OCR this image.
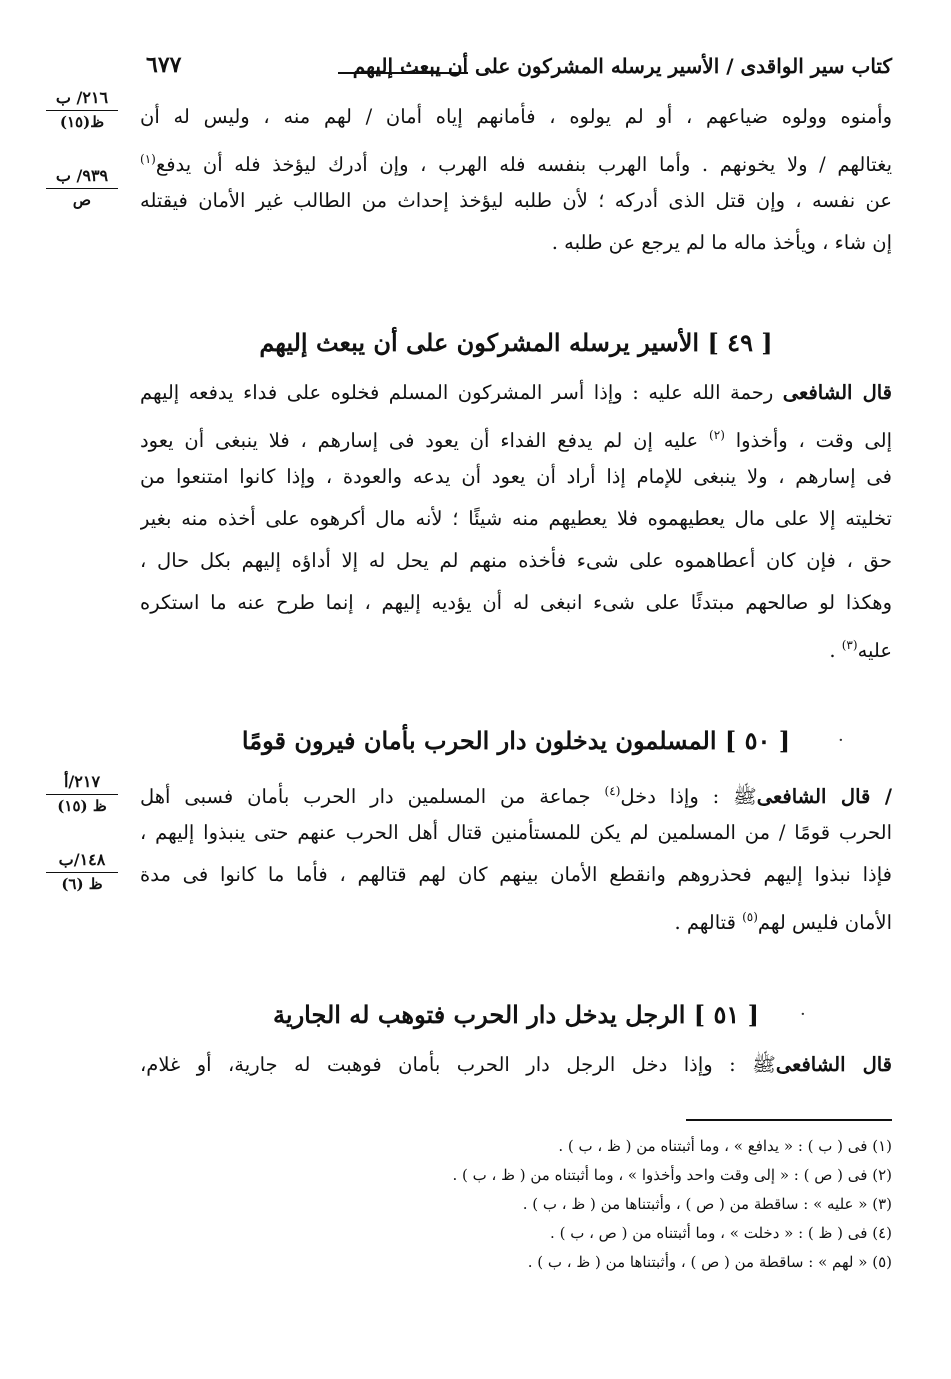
٦٧٧	كتاب سير الواقدى / الأسير يرسله المشركون على أن يبعث إليهم
٢١٦/ ب
ظ(١٥)
٩٣٩/ ب
ص
٢١٧/أ
ظ (١٥)
١٤٨/ب
ظ (٦)

وأمنوه وولوه ضياعهم ، أو لم يولوه ، فأمانهم إياه أمان / لهم منه ، وليس له أن

يغتالهم / ولا يخونهم . وأما الهرب بنفسه فله الهرب ، وإن أدرك ليؤخذ فله أن يدفع$^{(١)}$

عن نفسه ، وإن قتل الذى أدركه ؛ لأن طلبه ليؤخذ إحداث من الطالب غير الأمان فيقتله

إن شاء ، ويأخذ ماله ما لم يرجع عن طلبه .

[ ٤٩ ] الأسير يرسله المشركون على أن يبعث إليهم

قال الشافعى رحمة الله عليه : وإذا أسر المشركون المسلم فخلوه على فداء يدفعه إليهم

إلى وقت ، وأخذوا $^{(٢)}$ عليه إن لم يدفع الفداء أن يعود فى إسارهم ، فلا ينبغى أن يعود

فى إسارهم ، ولا ينبغى للإمام إذا أراد أن يعود أن يدعه والعودة ، وإذا كانوا امتنعوا من

تخليته إلا على مال يعطيهموه فلا يعطيهم منه شيئًا ؛ لأنه مال أكرهوه على أخذه منه بغير

حق ، فإن كان أعطاهموه على شىء فأخذه منهم لم يحل له إلا أداؤه إليهم بكل حال ،

وهكذا لو صالحهم مبتدئًا على شىء انبغى له أن يؤديه إليهم ، إنما طرح عنه ما استكره

عليه$^{(٣)}$ .

·
[ ٥٠ ] المسلمون يدخلون دار الحرب بأمان فيرون قومًا

/ قال الشافعىﷺ : وإذا دخل$^{(٤)}$ جماعة من المسلمين دار الحرب بأمان فسبى أهل

الحرب قومًا / من المسلمين لم يكن للمستأمنين قتال أهل الحرب عنهم حتى ينبذوا إليهم ،

فإذا نبذوا إليهم فحذروهم وانقطع الأمان بينهم كان لهم قتالهم ، فأما ما كانوا فى مدة

الأمان فليس لهم$^{(٥)}$ قتالهم .

·
[ ٥١ ] الرجل يدخل دار الحرب فتوهب له الجارية

قال الشافعىﷺ : وإذا دخل الرجل دار الحرب بأمان فوهبت له جارية، أو غلام،

(١) فى ( ب ) : « يدافع » ، وما أثبتناه من ( ظ ، ب ) .
(٢) فى ( ص ) : « إلى وقت واحد وأخذوا » ، وما أثبتناه من ( ظ ، ب ) .
(٣) « عليه » : ساقطة من ( ص ) ، وأثبتناها من ( ظ ، ب ) .
(٤) فى ( ظ ) : « دخلت » ، وما أثبتناه من ( ص ، ب ) .
(٥) « لهم » : ساقطة من ( ص ) ، وأثبتناها من ( ظ ، ب ) .
